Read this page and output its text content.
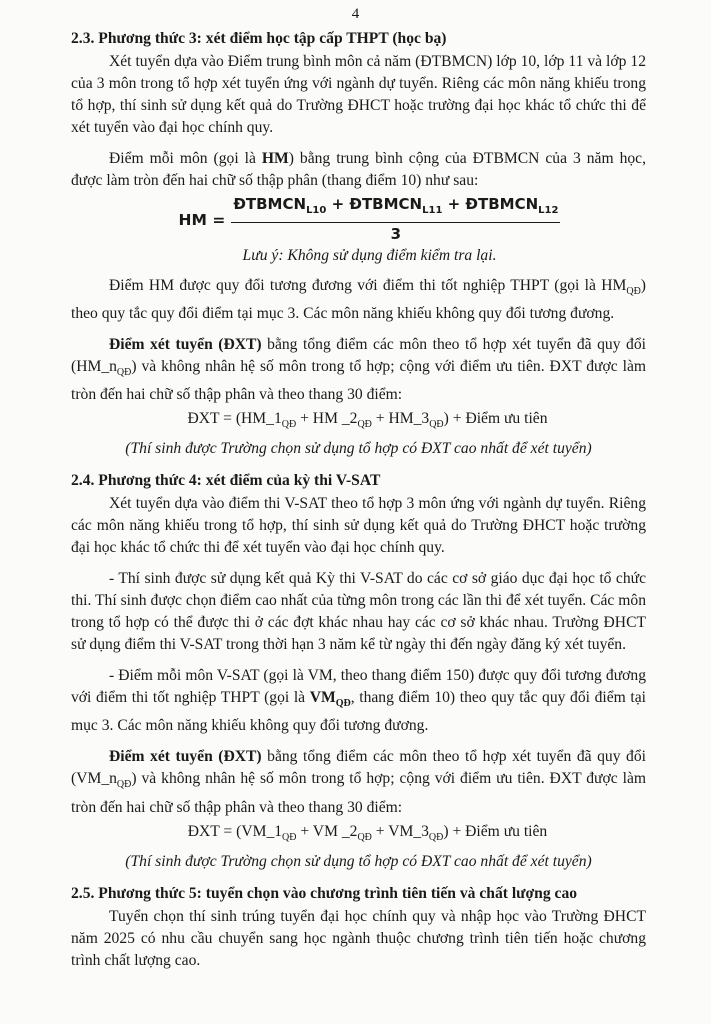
4
2.3. Phương thức 3: xét điểm học tập cấp THPT (học bạ)

Xét tuyển dựa vào Điểm trung bình môn cả năm (ĐTBMCN) lớp 10, lớp 11 và lớp 12 của 3 môn trong tổ hợp xét tuyển ứng với ngành dự tuyển. Riêng các môn năng khiếu trong tổ hợp, thí sinh sử dụng kết quả do Trường ĐHCT hoặc trường đại học khác tổ chức thi để xét tuyển vào đại học chính quy.

Điểm mỗi môn (gọi là HM) bằng trung bình cộng của ĐTBMCN của 3 năm học, được làm tròn đến hai chữ số thập phân (thang điểm 10) như sau:

HM = $\frac{ĐTBMCN_{L10} + ĐTBMCN_{L11} + ĐTBMCN_{L12}}{3}$
Lưu ý: Không sử dụng điểm kiểm tra lại.

Điểm HM được quy đổi tương đương với điểm thi tốt nghiệp THPT (gọi là $HM_{QĐ}$) theo quy tắc quy đổi điểm tại mục 3. Các môn năng khiếu không quy đổi tương đương.

Điểm xét tuyển (ĐXT) bằng tổng điểm các môn theo tổ hợp xét tuyển đã quy đổi $(HM\_n_{QĐ})$ và không nhân hệ số môn trong tổ hợp; cộng với điểm ưu tiên. ĐXT được làm tròn đến hai chữ số thập phân và theo thang 30 điểm:

ĐXT = ($HM\_1_{QĐ}$ + HM $\_2_{QĐ}$ + $HM\_3_{QĐ}$) + Điểm ưu tiên
(Thí sinh được Trường chọn sử dụng tổ hợp có ĐXT cao nhất để xét tuyển)
2.4. Phương thức 4: xét điểm của kỳ thi V-SAT

Xét tuyển dựa vào điểm thi V-SAT theo tổ hợp 3 môn ứng với ngành dự tuyển. Riêng các môn năng khiếu trong tổ hợp, thí sinh sử dụng kết quả do Trường ĐHCT hoặc trường đại học khác tổ chức thi để xét tuyển vào đại học chính quy.

- Thí sinh được sử dụng kết quả Kỳ thi V-SAT do các cơ sở giáo dục đại học tổ chức thi. Thí sinh được chọn điểm cao nhất của từng môn trong các lần thi để xét tuyển. Các môn trong tổ hợp có thể được thi ở các đợt khác nhau hay các cơ sở khác nhau. Trường ĐHCT sử dụng điểm thi V-SAT trong thời hạn 3 năm kể từ ngày thi đến ngày đăng ký xét tuyển.

- Điểm mỗi môn V-SAT (gọi là VM, theo thang điểm 150) được quy đổi tương đương với điểm thi tốt nghiệp THPT (gọi là $VM_{QĐ}$, thang điểm 10) theo quy tắc quy đổi điểm tại mục 3. Các môn năng khiếu không quy đổi tương đương.

Điểm xét tuyển (ĐXT) bằng tổng điểm các môn theo tổ hợp xét tuyển đã quy đổi $(VM\_n_{QĐ})$ và không nhân hệ số môn trong tổ hợp; cộng với điểm ưu tiên. ĐXT được làm tròn đến hai chữ số thập phân và theo thang 30 điểm:

ĐXT = ($VM\_1_{QĐ}$ + VM $\_2_{QĐ}$ + $VM\_3_{QĐ}$) + Điểm ưu tiên
(Thí sinh được Trường chọn sử dụng tổ hợp có ĐXT cao nhất để xét tuyển)
2.5. Phương thức 5: tuyển chọn vào chương trình tiên tiến và chất lượng cao

Tuyển chọn thí sinh trúng tuyển đại học chính quy và nhập học vào Trường ĐHCT năm 2025 có nhu cầu chuyển sang học ngành thuộc chương trình tiên tiến hoặc chương trình chất lượng cao.
